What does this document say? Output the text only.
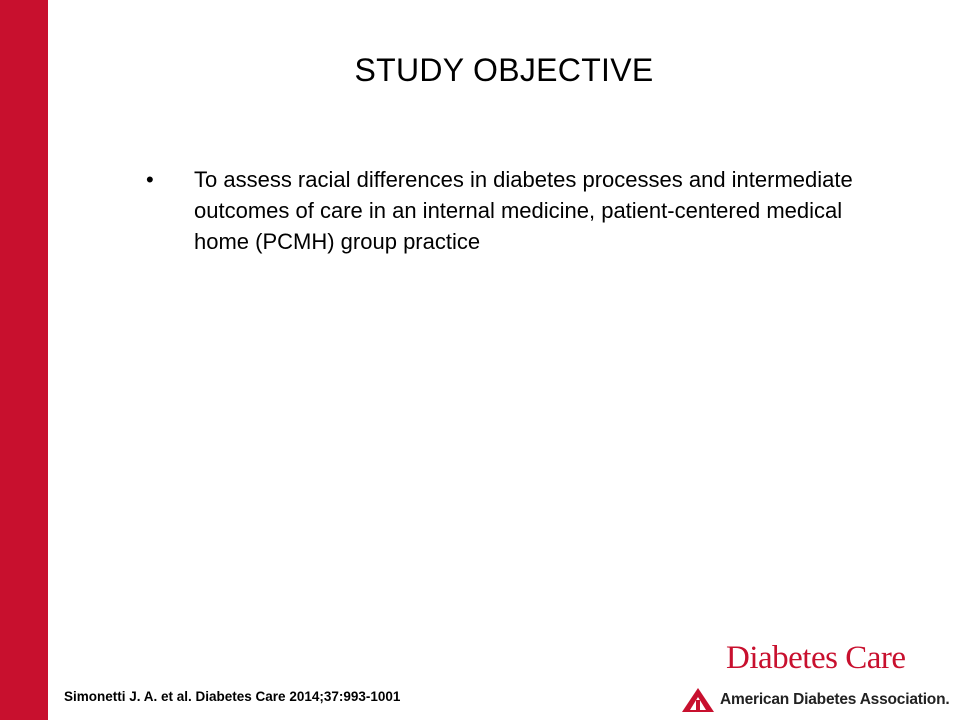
STUDY OBJECTIVE
•	To assess racial differences in diabetes processes and intermediate outcomes of care in an internal medicine, patient-centered medical home (PCMH) group practice
Simonetti J. A. et al. Diabetes Care 2014;37:993-1001
Diabetes Care
American Diabetes Association.
